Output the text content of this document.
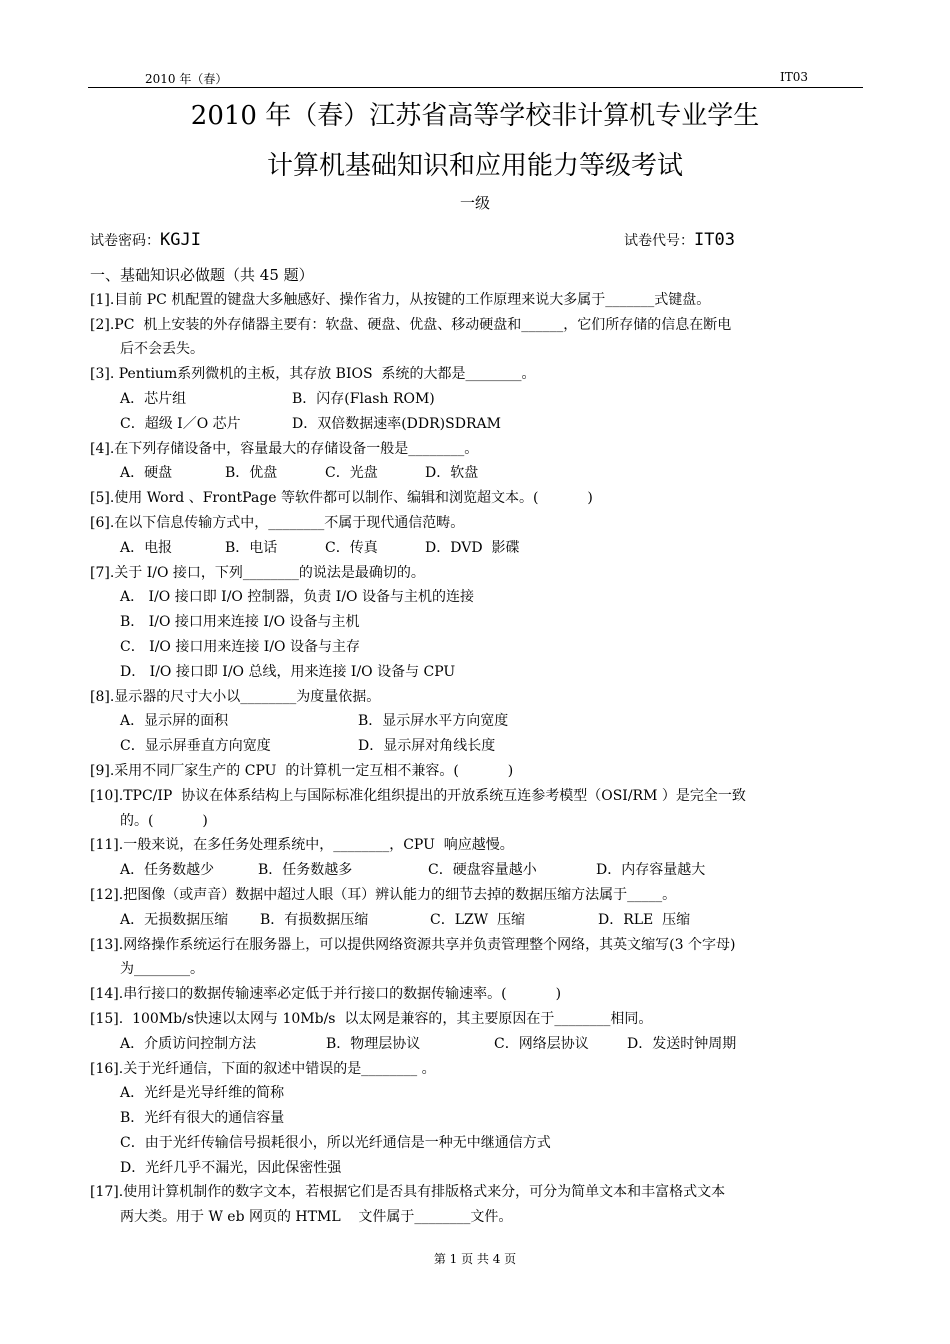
2010 年（春）	IT03
2010 年（春）江苏省高等学校非计算机专业学生
计算机基础知识和应用能力等级考试
一级
试卷密码：KGJI	试卷代号：IT03
一、基础知识必做题（共 45 题）
[1].目前 PC 机配置的键盘大多触感好、操作省力，从按键的工作原理来说大多属于_______式键盘。
[2].PC  机上安装的外存储器主要有：软盘、硬盘、优盘、移动硬盘和______，它们所存储的信息在断电
后不会丢失。
[3]. Pentium系列微机的主板，其存放 BIOS  系统的大都是________。
A．芯片组	B．闪存(Flash ROM)
C．超级 I／O 芯片	D．双倍数据速率(DDR)SDRAM
[4].在下列存储设备中，容量最大的存储设备一般是________。
A．硬盘	B．优盘	C．光盘	D．软盘
[5].使用 Word 、FrontPage 等软件都可以制作、编辑和浏览超文本。(           )
[6].在以下信息传输方式中，________不属于现代通信范畴。
A．电报	B．电话	C．传真	D．DVD  影碟
[7].关于 I/O 接口，下列________的说法是最确切的。
A． I/O 接口即 I/O 控制器，负责 I/O 设备与主机的连接
B． I/O 接口用来连接 I/O 设备与主机
C． I/O 接口用来连接 I/O 设备与主存
D． I/O 接口即 I/O 总线，用来连接 I/O 设备与 CPU
[8].显示器的尺寸大小以________为度量依据。
A．显示屏的面积	B．显示屏水平方向宽度
C．显示屏垂直方向宽度	D．显示屏对角线长度
[9].采用不同厂家生产的 CPU  的计算机一定互相不兼容。(           )
[10].TPC/IP  协议在体系结构上与国际标准化组织提出的开放系统互连参考模型（OSI/RM ）是完全一致
的。(           )
[11].一般来说，在多任务处理系统中，________，CPU  响应越慢。
A．任务数越少	B．任务数越多	C．硬盘容量越小	D．内存容量越大
[12].把图像（或声音）数据中超过人眼（耳）辨认能力的细节去掉的数据压缩方法属于_____。
A．无损数据压缩 B．有损数据压缩	C．LZW  压缩	D．RLE  压缩
[13].网络操作系统运行在服务器上，可以提供网络资源共享并负责管理整个网络，其英文缩写(3 个字母)
为________。
[14].串行接口的数据传输速率必定低于并行接口的数据传输速率。(           )
[15].  100Mb/s快速以太网与 10Mb/s  以太网是兼容的，其主要原因在于________相同。
A．介质访问控制方法	B．物理层协议	C．网络层协议	D．发送时钟周期
[16].关于光纤通信，下面的叙述中错误的是________ 。
A．光纤是光导纤维的简称
B．光纤有很大的通信容量
C．由于光纤传输信号损耗很小，所以光纤通信是一种无中继通信方式
D．光纤几乎不漏光，因此保密性强
[17].使用计算机制作的数字文本，若根据它们是否具有排版格式来分，可分为简单文本和丰富格式文本
两大类。用于 W eb 网页的 HTML    文件属于________文件。
第 1 页 共 4 页
